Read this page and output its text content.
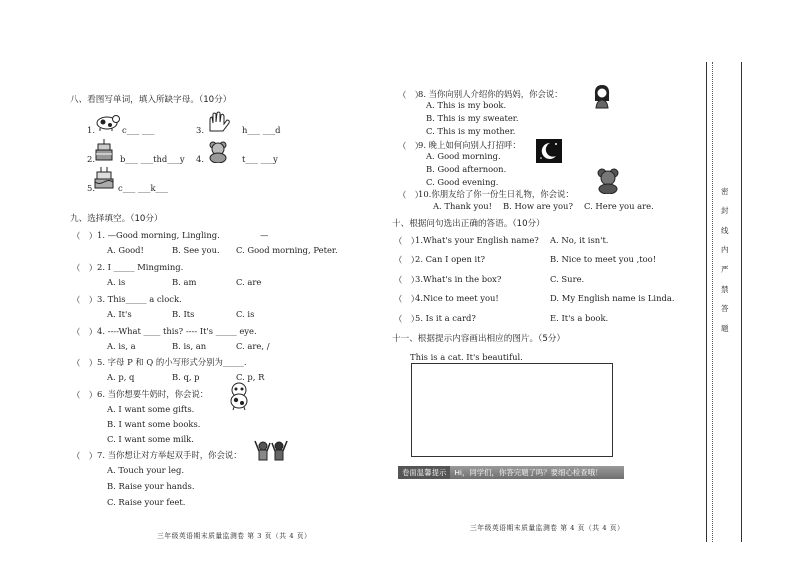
八、看图写单词，填入所缺字母。（10分）
1.	c___ ___
2.	b___ ___thd___y
3.	h___ ___d
4.	t___ ___y
5.	c___ ___k___
九、选择填空。（10分）
（　） 1. —Good morning, Lingling.	—
A. Good!	B. See you. C. Good morning, Peter.
（　） 2. I _____ Mingming.
A. is	B. am	C. are
（　） 3. This_____ a clock.
A. It's	B. Its	C. is
（　） 4. ----What ____ this? ---- It's _____ eye.
A. is, a	B. is, an	C. are, /
（　） 5. 字母 P 和 Q 的小写形式分别为_____.
A. p, q	B. q, p	C. p, R
（　） 6. 当你想要牛奶时，你会说：
A. I want some gifts.
B. I want some books.
C. I want some milk.
（　） 7. 当你想让对方举起双手时，你会说：
A. Touch your leg.
B. Raise your hands.
C. Raise your feet.
三年级英语期末质量监测卷 第 3 页（共 4 页）
（　）
8. 当你向别人介绍你的妈妈，你会说：
A. This is my book.
B. This is my sweater.
C. This is my mother.
（　）
9. 晚上如何向别人打招呼：
A. Good morning.
B. Good afternoon.
C. Good evening.
（　）
10.你朋友给了你一份生日礼物，你会说：
A. Thank you! B. How are you? C. Here you are.
十、根据问句选出正确的答语。（10分）
（　）
1.What's your English name? A. No, it isn't.
（　）
2. Can I open it?	B. Nice to meet you ,too!
（　）
3.What's in the box?	C. Sure.
（　）
4.Nice to meet you!	D. My English name is Linda.
（　）
5. Is it a card?	E. It's a book.
十一、根据提示内容画出相应的图片。（5分）
This is a cat. It's beautiful.
卷面温馨提示 Hi，同学们，你答完题了吗？要细心检查哦！
三年级英语期末质量监测卷 第 4 页（共 4 页）
密
封
线
内
严
禁
答
题
